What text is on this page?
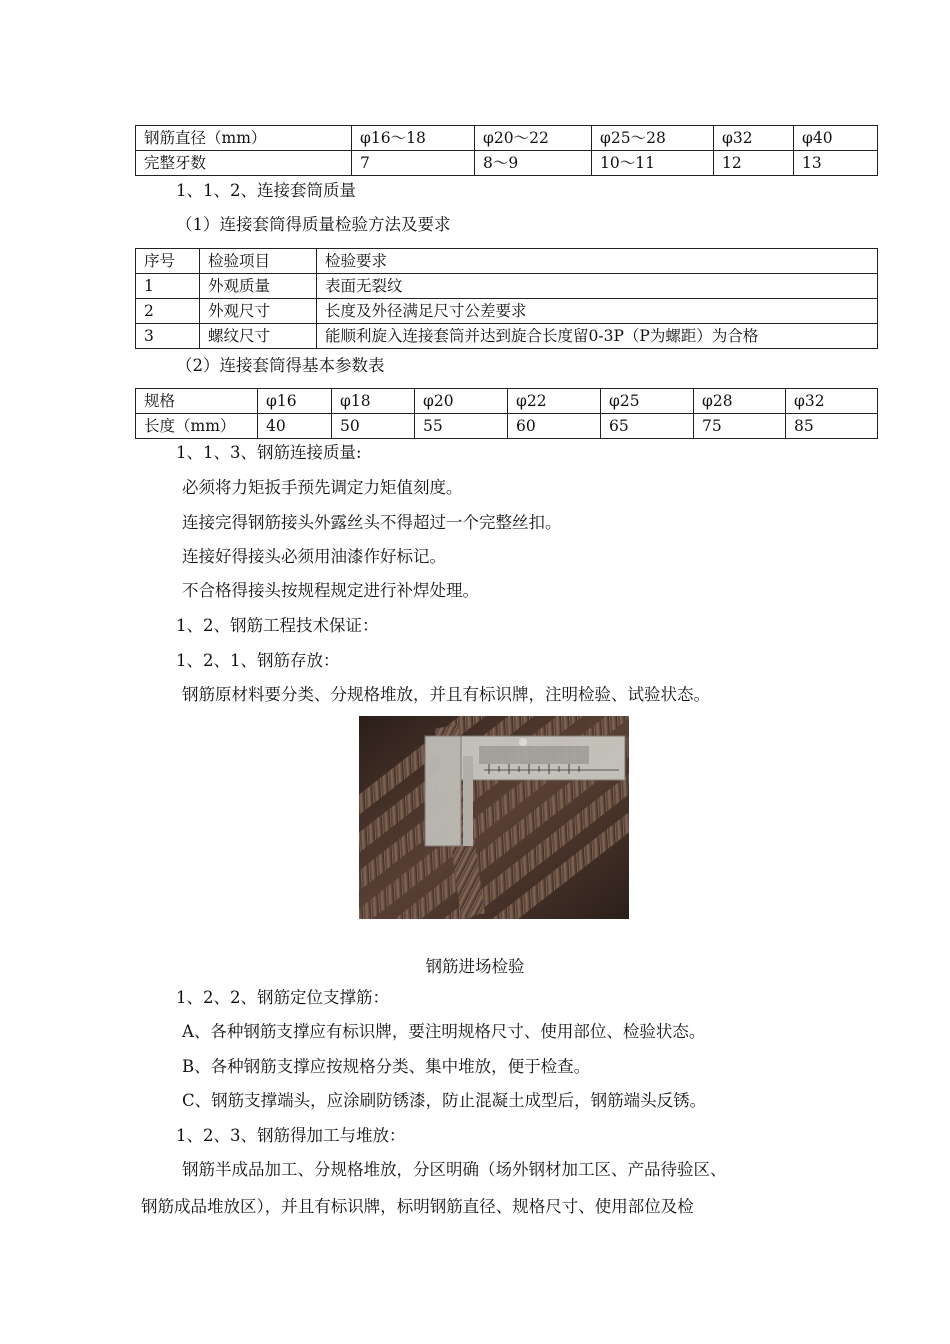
钢筋直径（mm）	φ16～18	φ20～22	φ25～28	φ32	φ40
完整牙数	7	8～9	10～11	12	13
1、1、2、连接套筒质量
（1）连接套筒得质量检验方法及要求
序号	检验项目	检验要求
1	外观质量	表面无裂纹
2	外观尺寸	长度及外径满足尺寸公差要求
3	螺纹尺寸	能顺利旋入连接套筒并达到旋合长度留0-3P（P为螺距）为合格
（2）连接套筒得基本参数表
规格	φ16	φ18	φ20	φ22	φ25	φ28	φ32
长度（mm）	40	50	55	60	65	75	85
1、1、3、钢筋连接质量:
必须将力矩扳手预先调定力矩值刻度。
连接完得钢筋接头外露丝头不得超过一个完整丝扣。
连接好得接头必须用油漆作好标记。
不合格得接头按规程规定进行补焊处理。
1、2、钢筋工程技术保证：
1、2、1、钢筋存放：
钢筋原材料要分类、分规格堆放，并且有标识牌，注明检验、试验状态。
钢筋进场检验
1、2、2、钢筋定位支撑筋：
A、各种钢筋支撑应有标识牌，要注明规格尺寸、使用部位、检验状态。
B、各种钢筋支撑应按规格分类、集中堆放，便于检查。
C、钢筋支撑端头，应涂刷防锈漆，防止混凝土成型后，钢筋端头反锈。
1、2、3、钢筋得加工与堆放：
钢筋半成品加工、分规格堆放，分区明确（场外钢材加工区、产品待验区、
钢筋成品堆放区），并且有标识牌，标明钢筋直径、规格尺寸、使用部位及检
